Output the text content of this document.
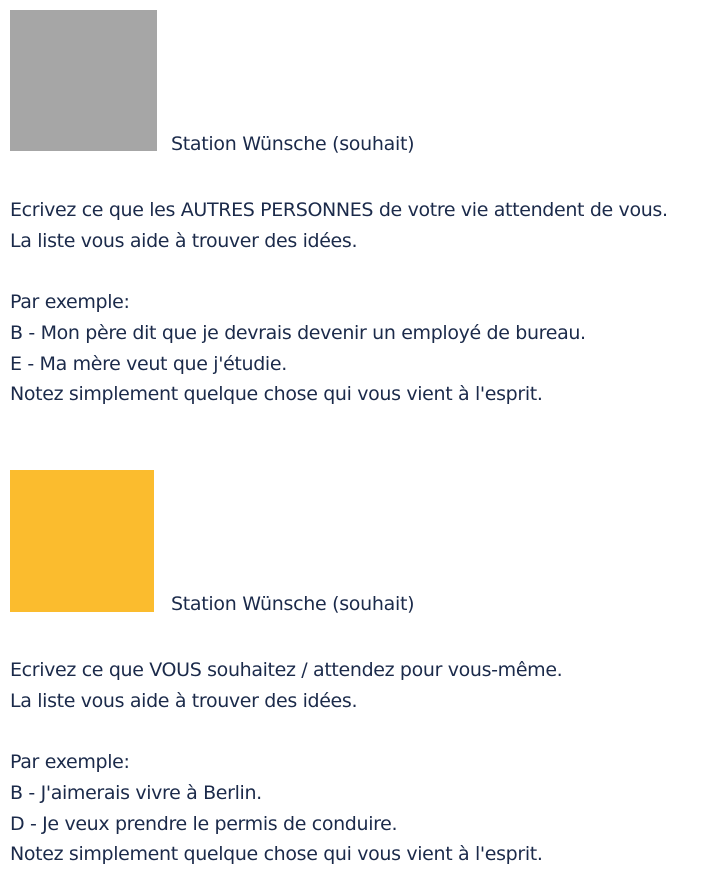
Station Wünsche (souhait)

Ecrivez ce que les AUTRES PERSONNES de votre vie attendent de vous.

La liste vous aide à trouver des idées.

Par exemple:

B - Mon père dit que je devrais devenir un employé de bureau.

E - Ma mère veut que j'étudie.

Notez simplement quelque chose qui vous vient à l'esprit.

Station Wünsche (souhait)

Ecrivez ce que VOUS souhaitez / attendez pour vous-même.

La liste vous aide à trouver des idées.

Par exemple:

B - J'aimerais vivre à Berlin.

D - Je veux prendre le permis de conduire.

Notez simplement quelque chose qui vous vient à l'esprit.
